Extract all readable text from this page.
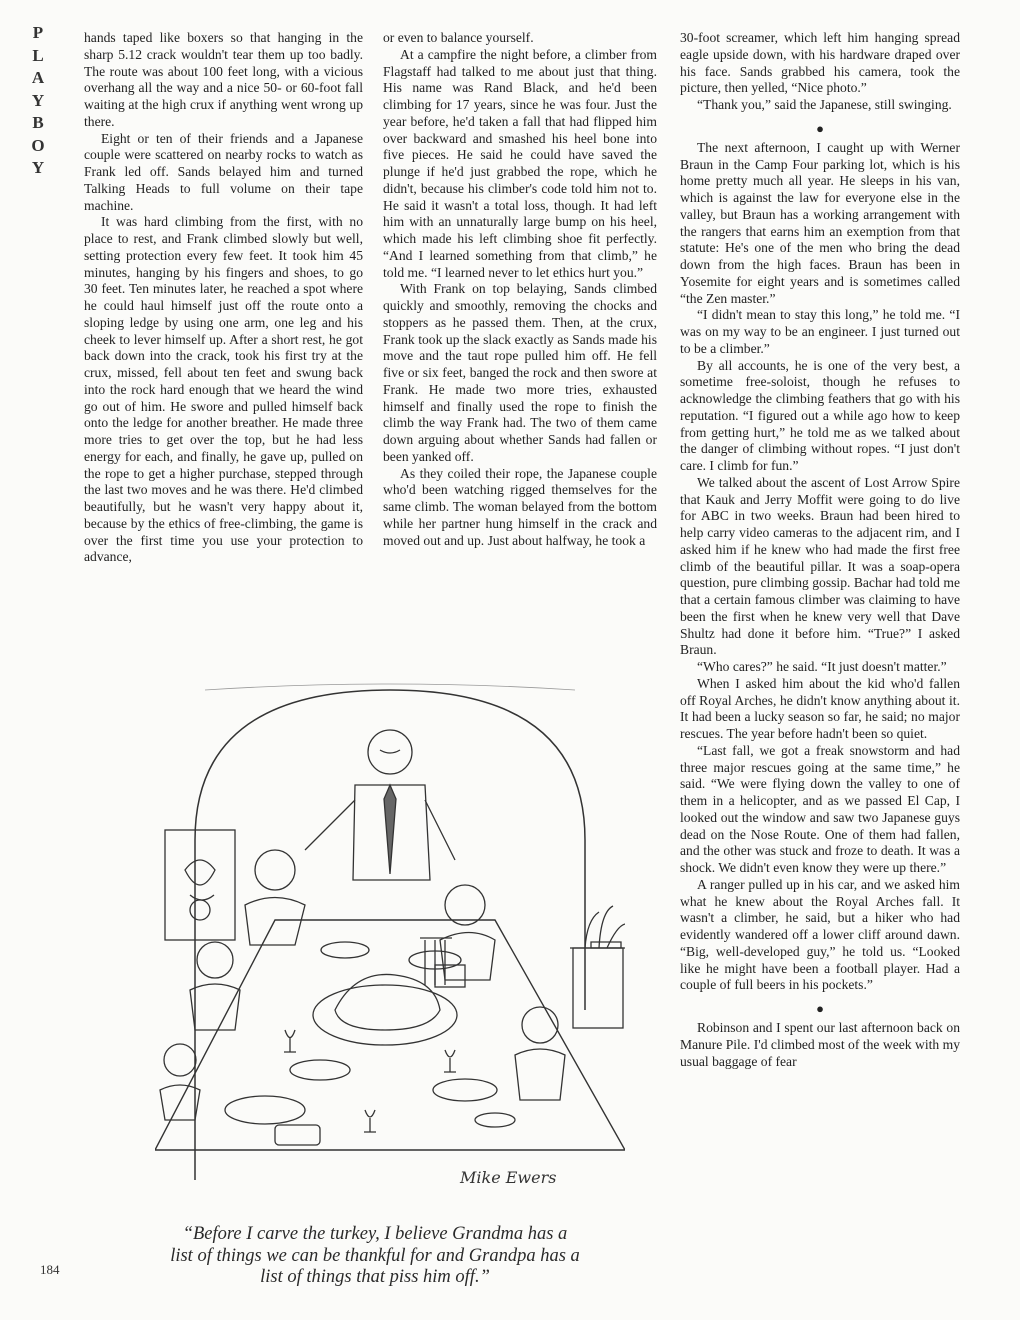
P
L
A
Y
B
O
Y

hands taped like boxers so that hanging in the sharp 5.12 crack wouldn't tear them up too badly. The route was about 100 feet long, with a vicious overhang all the way and a nice 50- or 60-foot fall waiting at the high crux if anything went wrong up there.

Eight or ten of their friends and a Japanese couple were scattered on nearby rocks to watch as Frank led off. Sands belayed him and turned Talking Heads to full volume on their tape machine.

It was hard climbing from the first, with no place to rest, and Frank climbed slowly but well, setting protection every few feet. It took him 45 minutes, hanging by his fingers and shoes, to go 30 feet. Ten minutes later, he reached a spot where he could haul himself just off the route onto a sloping ledge by using one arm, one leg and his cheek to lever himself up. After a short rest, he got back down into the crack, took his first try at the crux, missed, fell about ten feet and swung back into the rock hard enough that we heard the wind go out of him. He swore and pulled himself back onto the ledge for another breather. He made three more tries to get over the top, but he had less energy for each, and finally, he gave up, pulled on the rope to get a higher purchase, stepped through the last two moves and he was there. He'd climbed beautifully, but he wasn't very happy about it, because by the ethics of free-climbing, the game is over the first time you use your protection to advance,

or even to balance yourself.

At a campfire the night before, a climber from Flagstaff had talked to me about just that thing. His name was Rand Black, and he'd been climbing for 17 years, since he was four. Just the year before, he'd taken a fall that had flipped him over backward and smashed his heel bone into five pieces. He said he could have saved the plunge if he'd just grabbed the rope, which he didn't, because his climber's code told him not to. He said it wasn't a total loss, though. It had left him with an unnaturally large bump on his heel, which made his left climbing shoe fit perfectly. “And I learned something from that climb,” he told me. “I learned never to let ethics hurt you.”

With Frank on top belaying, Sands climbed quickly and smoothly, removing the chocks and stoppers as he passed them. Then, at the crux, Frank took up the slack exactly as Sands made his move and the taut rope pulled him off. He fell five or six feet, banged the rock and then swore at Frank. He made two more tries, exhausted himself and finally used the rope to finish the climb the way Frank had. The two of them came down arguing about whether Sands had fallen or been yanked off.

As they coiled their rope, the Japanese couple who'd been watching rigged themselves for the same climb. The woman belayed from the bottom while her partner hung himself in the crack and moved out and up. Just about halfway, he took a

30-foot screamer, which left him hanging spread eagle upside down, with his hardware draped over his face. Sands grabbed his camera, took the picture, then yelled, “Nice photo.”

“Thank you,” said the Japanese, still swinging.

●

The next afternoon, I caught up with Werner Braun in the Camp Four parking lot, which is his home pretty much all year. He sleeps in his van, which is against the law for everyone else in the valley, but Braun has a working arrangement with the rangers that earns him an exemption from that statute: He's one of the men who bring the dead down from the high faces. Braun has been in Yosemite for eight years and is sometimes called “the Zen master.”

“I didn't mean to stay this long,” he told me. “I was on my way to be an engineer. I just turned out to be a climber.”

By all accounts, he is one of the very best, a sometime free-soloist, though he refuses to acknowledge the climbing feathers that go with his reputation. “I figured out a while ago how to keep from getting hurt,” he told me as we talked about the danger of climbing without ropes. “I just don't care. I climb for fun.”

We talked about the ascent of Lost Arrow Spire that Kauk and Jerry Moffit were going to do live for ABC in two weeks. Braun had been hired to help carry video cameras to the adjacent rim, and I asked him if he knew who had made the first free climb of the beautiful pillar. It was a soap-opera question, pure climbing gossip. Bachar had told me that a certain famous climber was claiming to have been the first when he knew very well that Dave Shultz had done it before him. “True?” I asked Braun.

“Who cares?” he said. “It just doesn't matter.”

When I asked him about the kid who'd fallen off Royal Arches, he didn't know anything about it. It had been a lucky season so far, he said; no major rescues. The year before hadn't been so quiet.

“Last fall, we got a freak snowstorm and had three major rescues going at the same time,” he said. “We were flying down the valley to one of them in a helicopter, and as we passed El Cap, I looked out the window and saw two Japanese guys dead on the Nose Route. One of them had fallen, and the other was stuck and froze to death. It was a shock. We didn't even know they were up there.”

A ranger pulled up in his car, and we asked him what he knew about the Royal Arches fall. It wasn't a climber, he said, but a hiker who had evidently wandered off a lower cliff around dawn. “Big, well-developed guy,” he told us. “Looked like he might have been a football player. Had a couple of full beers in his pockets.”

●

Robinson and I spent our last afternoon back on Manure Pile. I'd climbed most of the week with my usual baggage of fear

Mike Ewers
“Before I carve the turkey, I believe Grandma has a list of things we can be thankful for and Grandpa has a list of things that piss him off.”
184
